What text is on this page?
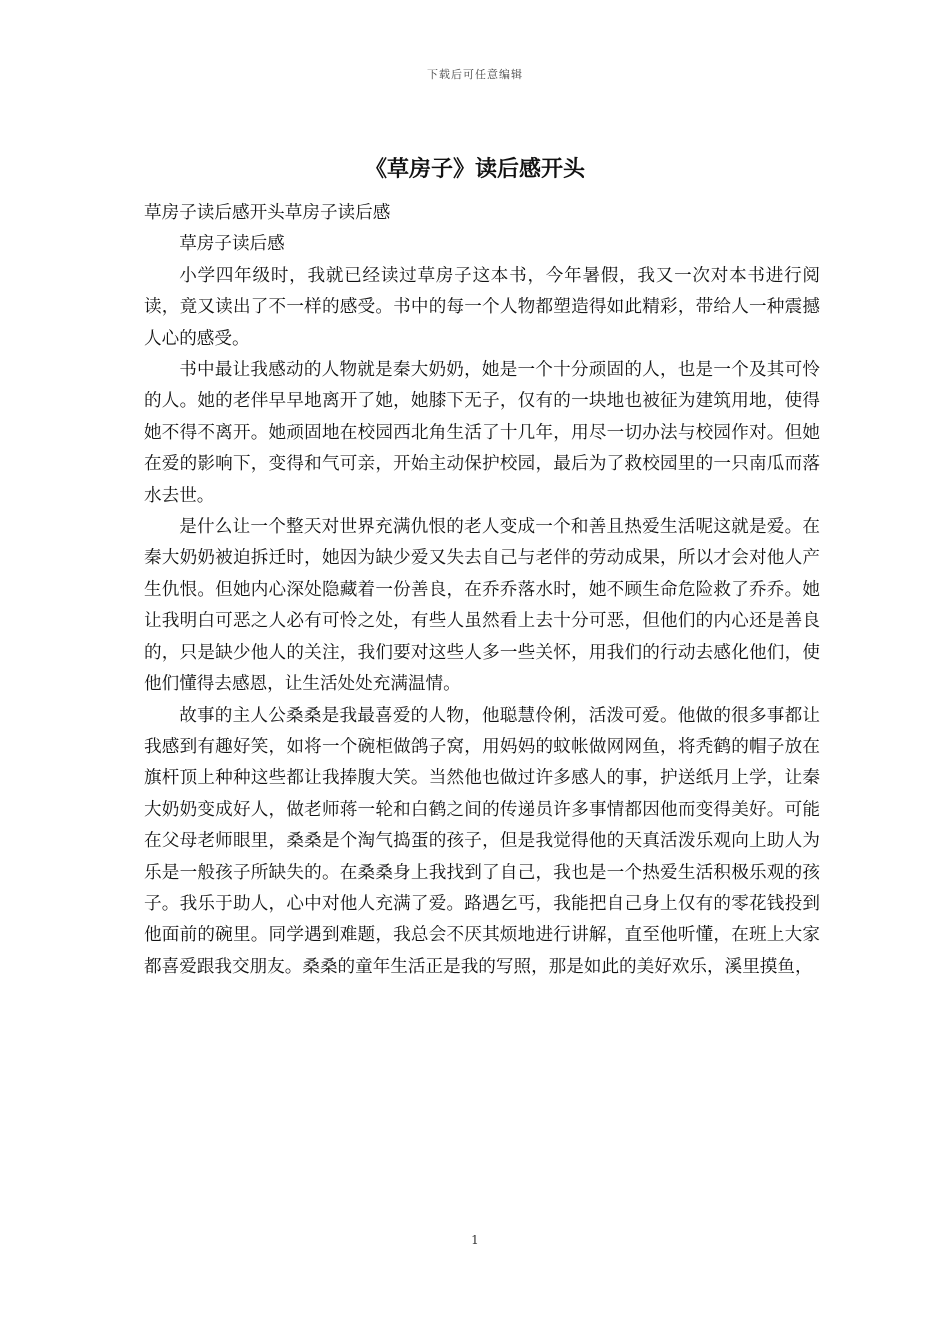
下载后可任意编辑
《草房子》读后感开头

草房子读后感开头草房子读后感

草房子读后感

小学四年级时，我就已经读过草房子这本书，今年暑假，我又一次对本书进行阅读，竟又读出了不一样的感受。书中的每一个人物都塑造得如此精彩，带给人一种震撼人心的感受。

书中最让我感动的人物就是秦大奶奶，她是一个十分顽固的人，也是一个及其可怜的人。她的老伴早早地离开了她，她膝下无子，仅有的一块地也被征为建筑用地，使得她不得不离开。她顽固地在校园西北角生活了十几年，用尽一切办法与校园作对。但她在爱的影响下，变得和气可亲，开始主动保护校园，最后为了救校园里的一只南瓜而落水去世。

是什么让一个整天对世界充满仇恨的老人变成一个和善且热爱生活呢这就是爱。在秦大奶奶被迫拆迁时，她因为缺少爱又失去自己与老伴的劳动成果，所以才会对他人产生仇恨。但她内心深处隐藏着一份善良，在乔乔落水时，她不顾生命危险救了乔乔。她让我明白可恶之人必有可怜之处，有些人虽然看上去十分可恶，但他们的内心还是善良的，只是缺少他人的关注，我们要对这些人多一些关怀，用我们的行动去感化他们，使他们懂得去感恩，让生活处处充满温情。

故事的主人公桑桑是我最喜爱的人物，他聪慧伶俐，活泼可爱。他做的很多事都让我感到有趣好笑，如将一个碗柜做鸽子窝，用妈妈的蚊帐做网网鱼，将秃鹤的帽子放在旗杆顶上种种这些都让我捧腹大笑。当然他也做过许多感人的事，护送纸月上学，让秦大奶奶变成好人，做老师蒋一轮和白鹤之间的传递员许多事情都因他而变得美好。可能在父母老师眼里，桑桑是个淘气捣蛋的孩子，但是我觉得他的天真活泼乐观向上助人为乐是一般孩子所缺失的。在桑桑身上我找到了自己，我也是一个热爱生活积极乐观的孩子。我乐于助人，心中对他人充满了爱。路遇乞丐，我能把自己身上仅有的零花钱投到他面前的碗里。同学遇到难题，我总会不厌其烦地进行讲解，直至他听懂，在班上大家都喜爱跟我交朋友。桑桑的童年生活正是我的写照，那是如此的美好欢乐，溪里摸鱼，

1
